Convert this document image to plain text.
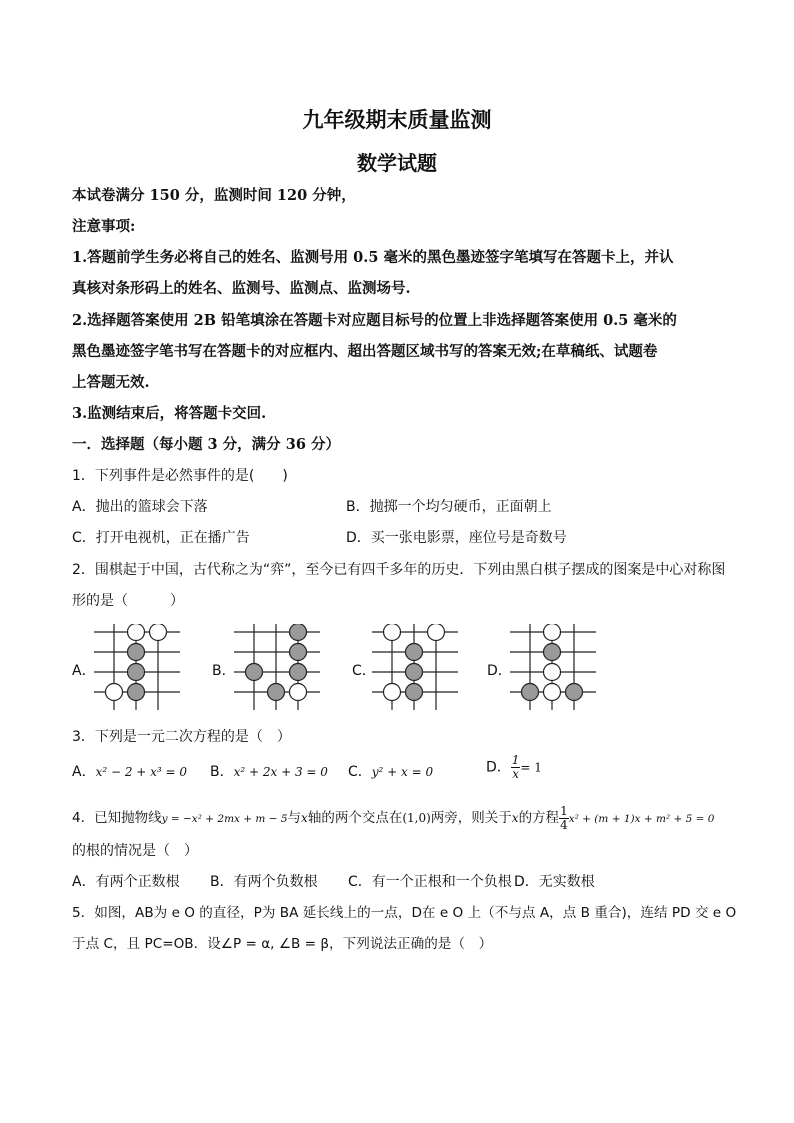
九年级期末质量监测
数学试题
本试卷满分 150 分，监测时间 120 分钟，
注意事项:
1.答题前学生务必将自己的姓名、监测号用 0.5 毫米的黑色墨迹签字笔填写在答题卡上，并认
真核对条形码上的姓名、监测号、监测点、监测场号.
2.选择题答案使用 2B 铅笔填涂在答题卡对应题目标号的位置上非选择题答案使用 0.5 毫米的
黑色墨迹签字笔书写在答题卡的对应框内、超出答题区域书写的答案无效;在草稿纸、试题卷
上答题无效.
3.监测结束后，将答题卡交回.
一．选择题（每小题 3 分，满分 36 分）
1．下列事件是必然事件的是(　　)
A．抛出的篮球会下落	B．抛掷一个均匀硬币，正面朝上
C．打开电视机，正在播广告	D．买一张电影票，座位号是奇数号
2．围棋起于中国，古代称之为“弈”，至今已有四千多年的历史．下列由黑白棋子摆成的图案是中心对称图
形的是（　　　）
A．	B．	C．	D．
3．下列是一元二次方程的是（　）
A．x² − 2 + x³ = 0 B．x² + 2x + 3 = 0 C．y² + x = 0	D． $\frac{1}{x} = 1$
4．已知抛物线y = −x² + 2mx + m − 5与x轴的两个交点在(1,0)两旁，则关于x的方程 $\frac{1}{4} x^2 + (m + 1)x + m^2 + 5 = 0$
的根的情况是（　）
A．有两个正数根 B．有两个负数根 C．有一个正根和一个负根 D．无实数根
5．如图，AB为 e O 的直径，P为 BA 延长线上的一点，D在 e O 上（不与点 A，点 B 重合)，连结 PD 交 e O
于点 C，且 PC=OB．设∠P = α, ∠B = β，下列说法正确的是（　）
